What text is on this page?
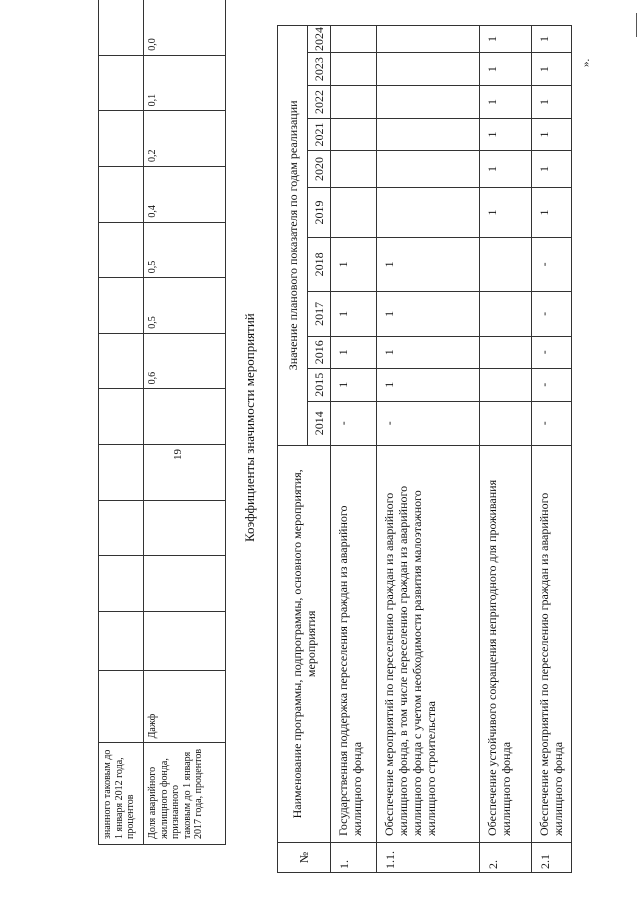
19
знанного таковым до 1 января 2012 года, процентов													
Доля аварийного жилищного фонда, признанного таковым до 1 января 2017 года, процентов	Дажф						0,6	0,5	0,5	0,4	0,2	0,1	0,0
Коэффициенты значимости мероприятий
№	Наименование программы, подпрограммы, основного мероприятия, мероприятия	Значение планового показателя по годам реализации										
		2014	2015	2016	2017	2018	2019	2020	2021	2022	2023	2024
1.	Государственная поддержка переселения граждан из аварийного жилищного фонда	-	1	1	1	1						
1.1.	Обеспечение мероприятий по переселению граждан из аварийного жилищного фонда, в том числе переселению граждан из аварийного жилищного фонда с учетом необходимости развития малоэтажного жилищного строительства	-	1	1	1	1						
2.	Обеспечение устойчивого сокращения непригодного для проживания жилищного фонда						1	1	1	1	1	1
2.1	Обеспечение мероприятий по переселению граждан из аварийного жилищного фонда	-	-	-	-	-	1	1	1	1	1	1
».
